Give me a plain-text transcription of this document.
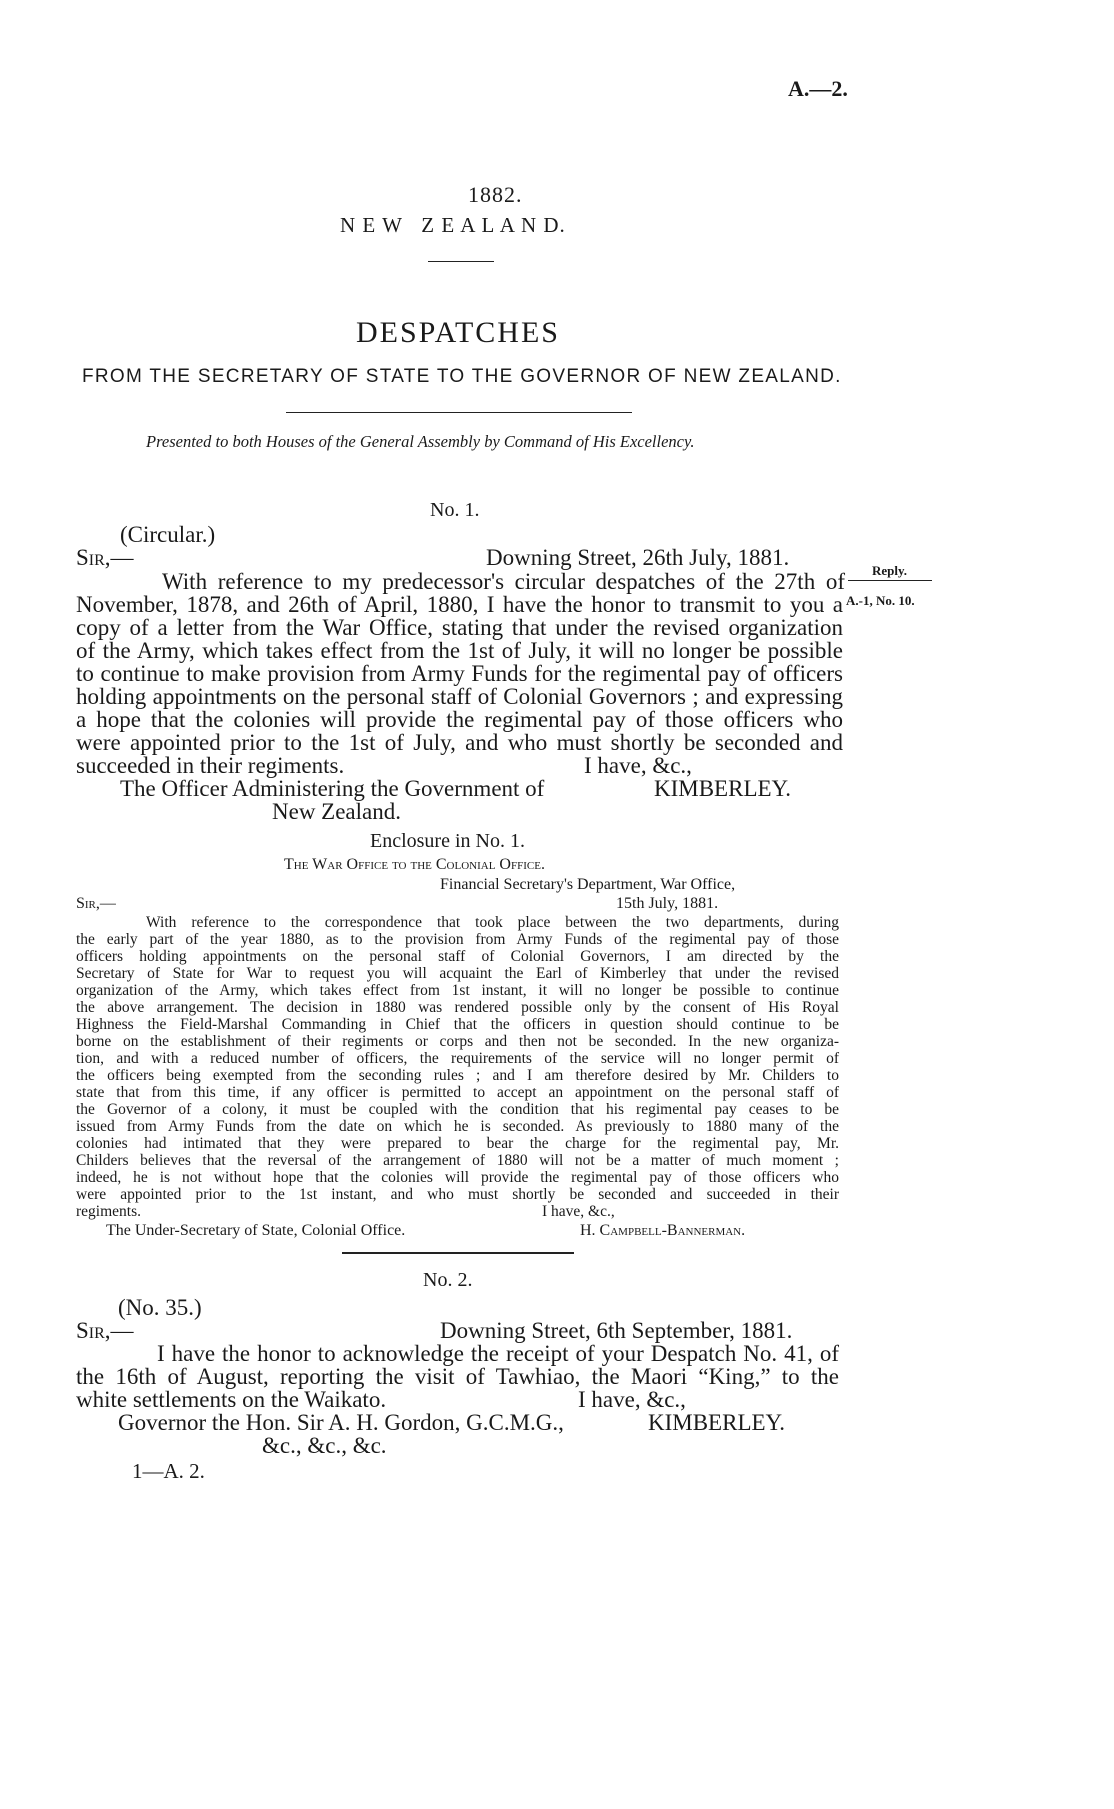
A.—2.
1882.
N E W   Z E A L A N D.
DESPATCHES
FROM THE SECRETARY OF STATE TO THE GOVERNOR OF NEW ZEALAND.
Presented to both Houses of the General Assembly by Command of His Excellency.
No. 1.
(Circular.)
Sir,—	Downing Street, 26th July, 1881.
With reference to my predecessor's circular despatches of the 27th of
November, 1878, and 26th of April, 1880, I have the honor to transmit to you a
copy of a letter from the War Office, stating that under the revised organization
of the Army, which takes effect from the 1st of July, it will no longer be possible
to continue to make provision from Army Funds for the regimental pay of officers
holding appointments on the personal staff of Colonial Governors ; and expressing
a hope that the colonies will provide the regimental pay of those officers who
were appointed prior to the 1st of July, and who must shortly be seconded and
succeeded in their regiments.	I have, &c.,
The Officer Administering the Government of	KIMBERLEY.
New Zealand.
Reply.
A.-1, No. 10.
Enclosure in No. 1.
The War Office to the Colonial Office.
Financial Secretary's Department, War Office,
Sir,—	15th July, 1881.
With reference to the correspondence that took place between the two departments, during
the early part of the year 1880, as to the provision from Army Funds of the regimental pay of those
officers holding appointments on the personal staff of Colonial Governors, I am directed by the
Secretary of State for War to request you will acquaint the Earl of Kimberley that under the revised
organization of the Army, which takes effect from 1st instant, it will no longer be possible to continue
the above arrangement. The decision in 1880 was rendered possible only by the consent of His Royal
Highness the Field-Marshal Commanding in Chief that the officers in question should continue to be
borne on the establishment of their regiments or corps and then not be seconded. In the new organiza-
tion, and with a reduced number of officers, the requirements of the service will no longer permit of
the officers being exempted from the seconding rules ; and I am therefore desired by Mr. Childers to
state that from this time, if any officer is permitted to accept an appointment on the personal staff of
the Governor of a colony, it must be coupled with the condition that his regimental pay ceases to be
issued from Army Funds from the date on which he is seconded. As previously to 1880 many of the
colonies had intimated that they were prepared to bear the charge for the regimental pay, Mr.
Childers believes that the reversal of the arrangement of 1880 will not be a matter of much moment ;
indeed, he is not without hope that the colonies will provide the regimental pay of those officers who
were appointed prior to the 1st instant, and who must shortly be seconded and succeeded in their
regiments.	I have, &c.,
The Under-Secretary of State, Colonial Office.	H. Campbell-Bannerman.
No. 2.
(No. 35.)
Sir,—	Downing Street, 6th September, 1881.
I have the honor to acknowledge the receipt of your Despatch No. 41, of
the 16th of August, reporting the visit of Tawhiao, the Maori “King,” to the
white settlements on the Waikato.	I have, &c.,
Governor the Hon. Sir A. H. Gordon, G.C.M.G.,	KIMBERLEY.
&c., &c., &c.
1—A. 2.
